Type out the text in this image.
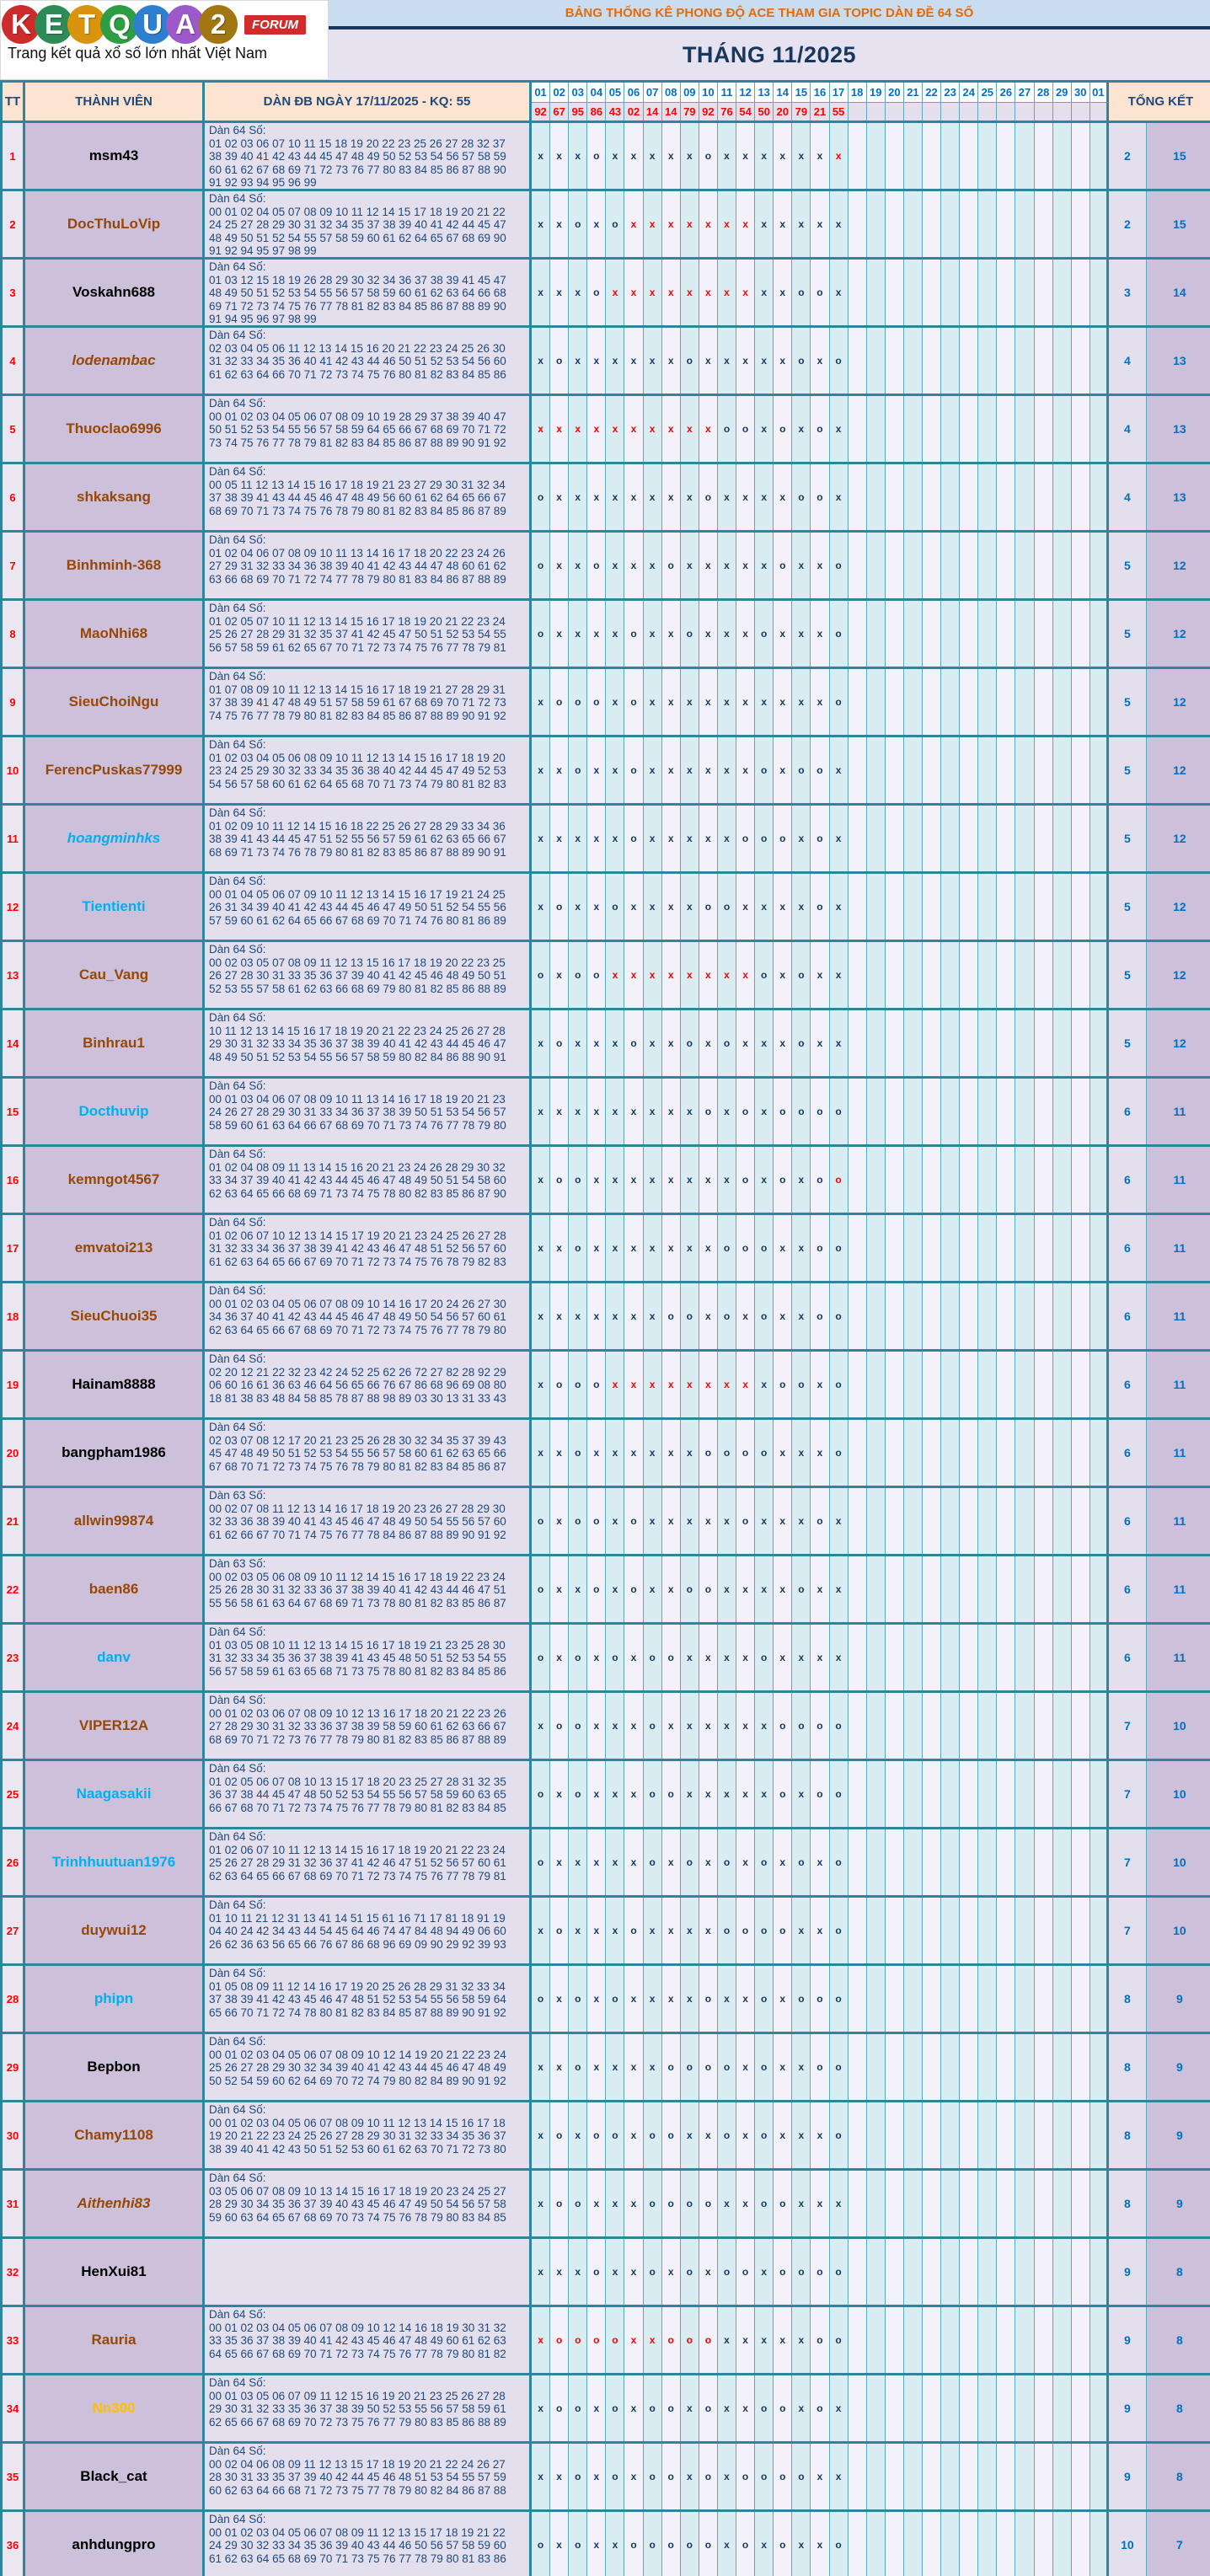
K E T Q U A 2	FORUM
Trang kết quả xổ số lớn nhất Việt Nam
BẢNG THỐNG KÊ PHONG ĐỘ ACE THAM GIA TOPIC DÀN ĐỀ 64 SỐ
THÁNG 11/2025
TT	THÀNH VIÊN	DÀN ĐB NGÀY 17/11/2025 - KQ: 55
01 02 03 04 05 06 07 08 09 10 11 12 13 14 15 16 17 18 19 20 21 22 23 24 25 26 27 28 29 30 01
TỔNG KẾT
92 67 95 86 43 02 14 14 79 92 76 54 50 20 79 21 55
1	msm43
Dàn 64 Số:
01 02 03 06 07 10 11 15 18 19 20 22 23 25 26 27 28 32 37
38 39 40 41 42 43 44 45 47 48 49 50 52 53 54 56 57 58 59
60 61 62 67 68 69 71 72 73 76 77 80 83 84 85 86 87 88 90
91 92 93 94 95 96 99
x	x	x	o	x	x	x	x	x	o	x	x	x	x	x	x	x	2	15
2	DocThuLoVip
Dàn 64 Số:
00 01 02 04 05 07 08 09 10 11 12 14 15 17 18 19 20 21 22
24 25 27 28 29 30 31 32 34 35 37 38 39 40 41 42 44 45 47
48 49 50 51 52 54 55 57 58 59 60 61 62 64 65 67 68 69 90
91 92 94 95 97 98 99
x	x	o	x	o	x	x	x	x	x	x	x	x	x	x	x	x	2	15
3	Voskahn688
Dàn 64 Số:
01 03 12 15 18 19 26 28 29 30 32 34 36 37 38 39 41 45 47
48 49 50 51 52 53 54 55 56 57 58 59 60 61 62 63 64 66 68
69 71 72 73 74 75 76 77 78 81 82 83 84 85 86 87 88 89 90
91 94 95 96 97 98 99
x	x	x	o	x	x	x	x	x	x	x	x	x	x	o	o	x	3	14
4	lodenambac
Dàn 64 Số:
02 03 04 05 06 11 12 13 14 15 16 20 21 22 23 24 25 26 30
31 32 33 34 35 36 40 41 42 43 44 46 50 51 52 53 54 56 60
61 62 63 64 66 70 71 72 73 74 75 76 80 81 82 83 84 85 86
x	o	x	x	x	x	x	x	o	x	x	x	x	x	o	x	o	4	13
5	Thuoclao6996
Dàn 64 Số:
00 01 02 03 04 05 06 07 08 09 10 19 28 29 37 38 39 40 47
50 51 52 53 54 55 56 57 58 59 64 65 66 67 68 69 70 71 72
73 74 75 76 77 78 79 81 82 83 84 85 86 87 88 89 90 91 92
x	x	x	x	x	x	x	x	x	x	o	o	x	o	x	o	x	4	13
6	shkaksang
Dàn 64 Số:
00 05 11 12 13 14 15 16 17 18 19 21 23 27 29 30 31 32 34
37 38 39 41 43 44 45 46 47 48 49 56 60 61 62 64 65 66 67
68 69 70 71 73 74 75 76 78 79 80 81 82 83 84 85 86 87 89
o	x	x	x	x	x	x	x	x	o	x	x	x	x	o	o	x	4	13
7	Binhminh-368
Dàn 64 Số:
01 02 04 06 07 08 09 10 11 13 14 16 17 18 20 22 23 24 26
27 29 31 32 33 34 36 38 39 40 41 42 43 44 47 48 60 61 62
63 66 68 69 70 71 72 74 77 78 79 80 81 83 84 86 87 88 89
o	x	x	o	x	x	x	o	x	x	x	x	x	o	x	x	o	5	12
8	MaoNhi68
Dàn 64 Số:
01 02 05 07 10 11 12 13 14 15 16 17 18 19 20 21 22 23 24
25 26 27 28 29 31 32 35 37 41 42 45 47 50 51 52 53 54 55
56 57 58 59 61 62 65 67 70 71 72 73 74 75 76 77 78 79 81
o	x	x	x	x	o	x	x	o	x	x	x	o	x	x	x	o	5	12
9	SieuChoiNgu
Dàn 64 Số:
01 07 08 09 10 11 12 13 14 15 16 17 18 19 21 27 28 29 31
37 38 39 41 47 48 49 51 57 58 59 61 67 68 69 70 71 72 73
74 75 76 77 78 79 80 81 82 83 84 85 86 87 88 89 90 91 92
x	o	o	o	x	o	x	x	x	x	x	x	x	x	x	x	o	5	12
10	FerencPuskas77999
Dàn 64 Số:
01 02 03 04 05 06 08 09 10 11 12 13 14 15 16 17 18 19 20
23 24 25 29 30 32 33 34 35 36 38 40 42 44 45 47 49 52 53
54 56 57 58 60 61 62 64 65 68 70 71 73 74 79 80 81 82 83
x	x	o	x	x	o	x	x	x	x	x	x	o	x	o	o	x	5	12
11	hoangminhks
Dàn 64 Số:
01 02 09 10 11 12 14 15 16 18 22 25 26 27 28 29 33 34 36
38 39 41 43 44 45 47 51 52 55 56 57 59 61 62 63 65 66 67
68 69 71 73 74 76 78 79 80 81 82 83 85 86 87 88 89 90 91
x	x	x	x	x	o	x	x	x	x	x	o	o	o	x	o	x	5	12
12	Tientienti
Dàn 64 Số:
00 01 04 05 06 07 09 10 11 12 13 14 15 16 17 19 21 24 25
26 31 34 39 40 41 42 43 44 45 46 47 49 50 51 52 54 55 56
57 59 60 61 62 64 65 66 67 68 69 70 71 74 76 80 81 86 89
x	o	x	x	o	x	x	x	x	o	o	x	x	x	x	o	x	5	12
13	Cau_Vang
Dàn 64 Số:
00 02 03 05 07 08 09 11 12 13 15 16 17 18 19 20 22 23 25
26 27 28 30 31 33 35 36 37 39 40 41 42 45 46 48 49 50 51
52 53 55 57 58 61 62 63 66 68 69 79 80 81 82 85 86 88 89
o	x	o	o	x	x	x	x	x	x	x	x	o	x	o	x	x	5	12
14	Binhrau1
Dàn 64 Số:
10 11 12 13 14 15 16 17 18 19 20 21 22 23 24 25 26 27 28
29 30 31 32 33 34 35 36 37 38 39 40 41 42 43 44 45 46 47
48 49 50 51 52 53 54 55 56 57 58 59 80 82 84 86 88 90 91
x	o	x	x	x	o	x	x	o	x	o	x	x	x	o	x	x	5	12
15	Docthuvip
Dàn 64 Số:
00 01 03 04 06 07 08 09 10 11 13 14 16 17 18 19 20 21 23
24 26 27 28 29 30 31 33 34 36 37 38 39 50 51 53 54 56 57
58 59 60 61 63 64 66 67 68 69 70 71 73 74 76 77 78 79 80
x	x	x	x	x	x	x	x	x	o	x	o	x	o	o	o	o	6	11
16	kemngot4567
Dàn 64 Số:
01 02 04 08 09 11 13 14 15 16 20 21 23 24 26 28 29 30 32
33 34 37 39 40 41 42 43 44 45 46 47 48 49 50 51 54 58 60
62 63 64 65 66 68 69 71 73 74 75 78 80 82 83 85 86 87 90
x	o	o	x	x	x	x	x	x	x	x	o	x	o	x	o	o	6	11
17	emvatoi213
Dàn 64 Số:
01 02 06 07 10 12 13 14 15 17 19 20 21 23 24 25 26 27 28
31 32 33 34 36 37 38 39 41 42 43 46 47 48 51 52 56 57 60
61 62 63 64 65 66 67 69 70 71 72 73 74 75 76 78 79 82 83
x	x	o	x	x	x	x	x	x	x	o	o	o	x	x	o	o	6	11
18	SieuChuoi35
Dàn 64 Số:
00 01 02 03 04 05 06 07 08 09 10 14 16 17 20 24 26 27 30
34 36 37 40 41 42 43 44 45 46 47 48 49 50 54 56 57 60 61
62 63 64 65 66 67 68 69 70 71 72 73 74 75 76 77 78 79 80
x	x	x	x	x	x	x	o	o	x	o	x	o	x	x	o	o	6	11
19	Hainam8888
Dàn 64 Số:
02 20 12 21 22 32 23 42 24 52 25 62 26 72 27 82 28 92 29
06 60 16 61 36 63 46 64 56 65 66 76 67 86 68 96 69 08 80
18 81 38 83 48 84 58 85 78 87 88 98 89 03 30 13 31 33 43
x	o	o	o	x	x	x	x	x	x	x	x	x	o	o	x	o	6	11
20	bangpham1986
Dàn 64 Số:
02 03 07 08 12 17 20 21 23 25 26 28 30 32 34 35 37 39 43
45 47 48 49 50 51 52 53 54 55 56 57 58 60 61 62 63 65 66
67 68 70 71 72 73 74 75 76 78 79 80 81 82 83 84 85 86 87
x	x	o	x	x	x	x	x	x	o	o	o	o	x	x	x	o	6	11
21	allwin99874
Dàn 63 Số:
00 02 07 08 11 12 13 14 16 17 18 19 20 23 26 27 28 29 30
32 33 36 38 39 40 41 43 45 46 47 48 49 50 54 55 56 57 60
61 62 66 67 70 71 74 75 76 77 78 84 86 87 88 89 90 91 92
o	x	o	o	x	o	x	x	x	x	x	o	x	x	x	o	x	6	11
22	baen86
Dàn 63 Số:
00 02 03 05 06 08 09 10 11 12 14 15 16 17 18 19 22 23 24
25 26 28 30 31 32 33 36 37 38 39 40 41 42 43 44 46 47 51
55 56 58 61 63 64 67 68 69 71 73 78 80 81 82 83 85 86 87
o	x	x	o	x	o	x	x	o	o	x	x	x	x	o	x	x	6	11
23	danv
Dàn 64 Số:
01 03 05 08 10 11 12 13 14 15 16 17 18 19 21 23 25 28 30
31 32 33 34 35 36 37 38 39 41 43 45 48 50 51 52 53 54 55
56 57 58 59 61 63 65 68 71 73 75 78 80 81 82 83 84 85 86
o	x	o	x	o	x	o	o	x	x	x	x	o	x	x	x	x	6	11
24	VIPER12A
Dàn 64 Số:
00 01 02 03 06 07 08 09 10 12 13 16 17 18 20 21 22 23 26
27 28 29 30 31 32 33 36 37 38 39 58 59 60 61 62 63 66 67
68 69 70 71 72 73 76 77 78 79 80 81 82 83 85 86 87 88 89
x	o	o	x	x	x	o	x	x	x	x	x	x	o	o	o	o	7	10
25	Naagasakii
Dàn 64 Số:
01 02 05 06 07 08 10 13 15 17 18 20 23 25 27 28 31 32 35
36 37 38 44 45 47 48 50 52 53 54 55 56 57 58 59 60 63 65
66 67 68 70 71 72 73 74 75 76 77 78 79 80 81 82 83 84 85
o	x	o	x	x	x	o	o	x	x	x	x	x	o	x	o	o	7	10
26	Trinhhuutuan1976
Dàn 64 Số:
01 02 06 07 10 11 12 13 14 15 16 17 18 19 20 21 22 23 24
25 26 27 28 29 31 32 36 37 41 42 46 47 51 52 56 57 60 61
62 63 64 65 66 67 68 69 70 71 72 73 74 75 76 77 78 79 81
o	x	x	x	x	x	o	x	o	x	o	x	o	x	o	x	o	7	10
27	duywui12
Dàn 64 Số:
01 10 11 21 12 31 13 41 14 51 15 61 16 71 17 81 18 91 19
04 40 24 42 34 43 44 54 45 64 46 74 47 84 48 94 49 06 60
26 62 36 63 56 65 66 76 67 86 68 96 69 09 90 29 92 39 93
x	o	x	x	x	o	x	x	x	x	o	o	o	o	x	x	o	7	10
28	phipn
Dàn 64 Số:
01 05 08 09 11 12 14 16 17 19 20 25 26 28 29 31 32 33 34
37 38 39 41 42 43 45 46 47 48 51 52 53 54 55 56 58 59 64
65 66 70 71 72 74 78 80 81 82 83 84 85 87 88 89 90 91 92
o	x	o	x	o	x	x	x	x	o	x	x	o	x	o	o	o	8	9
29	Bepbon
Dàn 64 Số:
00 01 02 03 04 05 06 07 08 09 10 12 14 19 20 21 22 23 24
25 26 27 28 29 30 32 34 39 40 41 42 43 44 45 46 47 48 49
50 52 54 59 60 62 64 69 70 72 74 79 80 82 84 89 90 91 92
x	x	o	x	x	x	x	o	o	o	o	x	o	x	x	o	o	8	9
30	Chamy1108
Dàn 64 Số:
00 01 02 03 04 05 06 07 08 09 10 11 12 13 14 15 16 17 18
19 20 21 22 23 24 25 26 27 28 29 30 31 32 33 34 35 36 37
38 39 40 41 42 43 50 51 52 53 60 61 62 63 70 71 72 73 80
x	o	x	o	o	x	o	o	x	x	o	x	o	x	x	x	o	8	9
31	Aithenhi83
Dàn 64 Số:
03 05 06 07 08 09 10 13 14 15 16 17 18 19 20 23 24 25 27
28 29 30 34 35 36 37 39 40 43 45 46 47 49 50 54 56 57 58
59 60 63 64 65 67 68 69 70 73 74 75 76 78 79 80 83 84 85
x	o	o	x	x	x	o	o	o	o	x	x	o	o	x	x	x	8	9
32	HenXui81	x	x	x	o	x	x	o	x	o	x	o	o	x	o	o	o	o	9	8
33	Rauria
Dàn 64 Số:
00 01 02 03 04 05 06 07 08 09 10 12 14 16 18 19 30 31 32
33 35 36 37 38 39 40 41 42 43 45 46 47 48 49 60 61 62 63
64 65 66 67 68 69 70 71 72 73 74 75 76 77 78 79 80 81 82
x	o	o	o	o	x	x	o	o	o	x	x	x	x	x	o	o	9	8
34	Nn300
Dàn 64 Số:
00 01 03 05 06 07 09 11 12 15 16 19 20 21 23 25 26 27 28
29 30 31 32 33 35 36 37 38 39 50 52 53 55 56 57 58 59 61
62 65 66 67 68 69 70 72 73 75 76 77 79 80 83 85 86 88 89
x	o	o	x	o	x	o	o	x	o	x	x	o	o	x	o	x	9	8
35	Black_cat
Dàn 64 Số:
00 02 04 06 08 09 11 12 13 15 17 18 19 20 21 22 24 26 27
28 30 31 33 35 37 39 40 42 44 45 46 48 51 53 54 55 57 59
60 62 63 64 66 68 71 72 73 75 77 78 79 80 82 84 86 87 88
x	x	o	x	o	x	o	o	x	o	x	o	o	o	o	x	x	9	8
36	anhdungpro
Dàn 64 Số:
00 01 02 03 04 05 06 07 08 09 11 12 13 15 17 18 19 21 22
24 29 30 32 33 34 35 36 39 40 43 44 46 50 56 57 58 59 60
61 62 63 64 65 68 69 70 71 73 75 76 77 78 79 80 81 83 86
o	x	o	x	x	o	o	o	o	o	x	o	x	o	x	x	o	10	7
